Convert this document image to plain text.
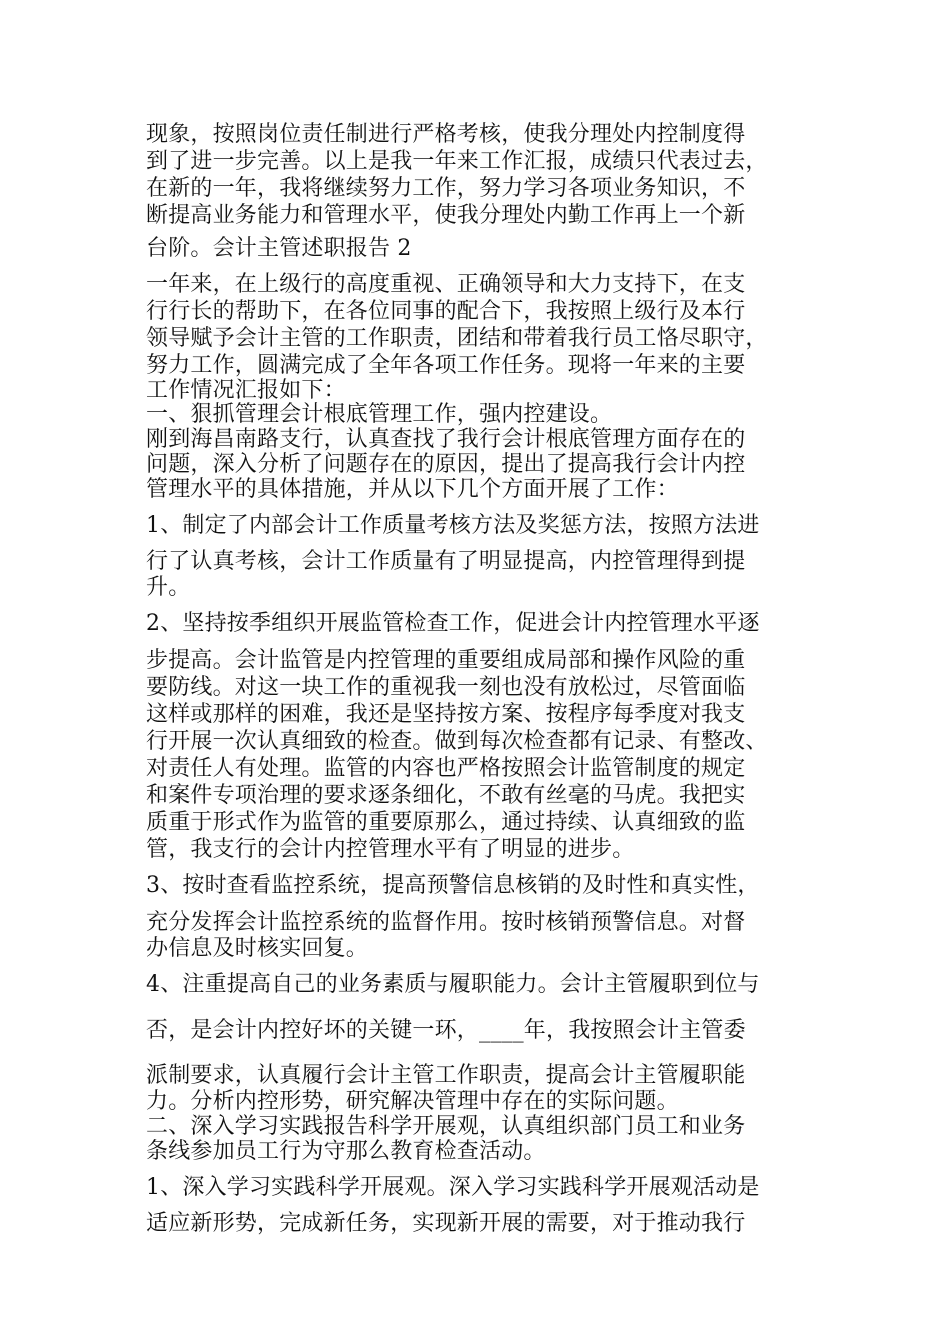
现象，按照岗位责任制进行严格考核，使我分理处内控制度得
到了进一步完善。以上是我一年来工作汇报，成绩只代表过去，
在新的一年，我将继续努力工作，努力学习各项业务知识，不
断提高业务能力和管理水平，使我分理处内勤工作再上一个新
台阶。会计主管述职报告 2
一年来，在上级行的高度重视、正确领导和大力支持下，在支
行行长的帮助下，在各位同事的配合下，我按照上级行及本行
领导赋予会计主管的工作职责，团结和带着我行员工恪尽职守，
努力工作，圆满完成了全年各项工作任务。现将一年来的主要
工作情况汇报如下：
一、狠抓管理会计根底管理工作，强内控建设。
刚到海昌南路支行，认真查找了我行会计根底管理方面存在的
问题，深入分析了问题存在的原因，提出了提高我行会计内控
管理水平的具体措施，并从以下几个方面开展了工作：
1、制定了内部会计工作质量考核方法及奖惩方法，按照方法进
行了认真考核，会计工作质量有了明显提高，内控管理得到提
升。
2、坚持按季组织开展监管检查工作，促进会计内控管理水平逐
步提高。会计监管是内控管理的重要组成局部和操作风险的重
要防线。对这一块工作的重视我一刻也没有放松过，尽管面临
这样或那样的困难，我还是坚持按方案、按程序每季度对我支
行开展一次认真细致的检查。做到每次检查都有记录、有整改、
对责任人有处理。监管的内容也严格按照会计监管制度的规定
和案件专项治理的要求逐条细化，不敢有丝毫的马虎。我把实
质重于形式作为监管的重要原那么，通过持续、认真细致的监
管，我支行的会计内控管理水平有了明显的进步。
3、按时查看监控系统，提高预警信息核销的及时性和真实性，
充分发挥会计监控系统的监督作用。按时核销预警信息。对督
办信息及时核实回复。
4、注重提高自己的业务素质与履职能力。会计主管履职到位与
否，是会计内控好坏的关键一环，____年，我按照会计主管委
派制要求，认真履行会计主管工作职责，提高会计主管履职能
力。分析内控形势，研究解决管理中存在的实际问题。
二、深入学习实践报告科学开展观，认真组织部门员工和业务
条线参加员工行为守那么教育检查活动。
1、深入学习实践科学开展观。深入学习实践科学开展观活动是
适应新形势，完成新任务，实现新开展的需要，对于推动我行
